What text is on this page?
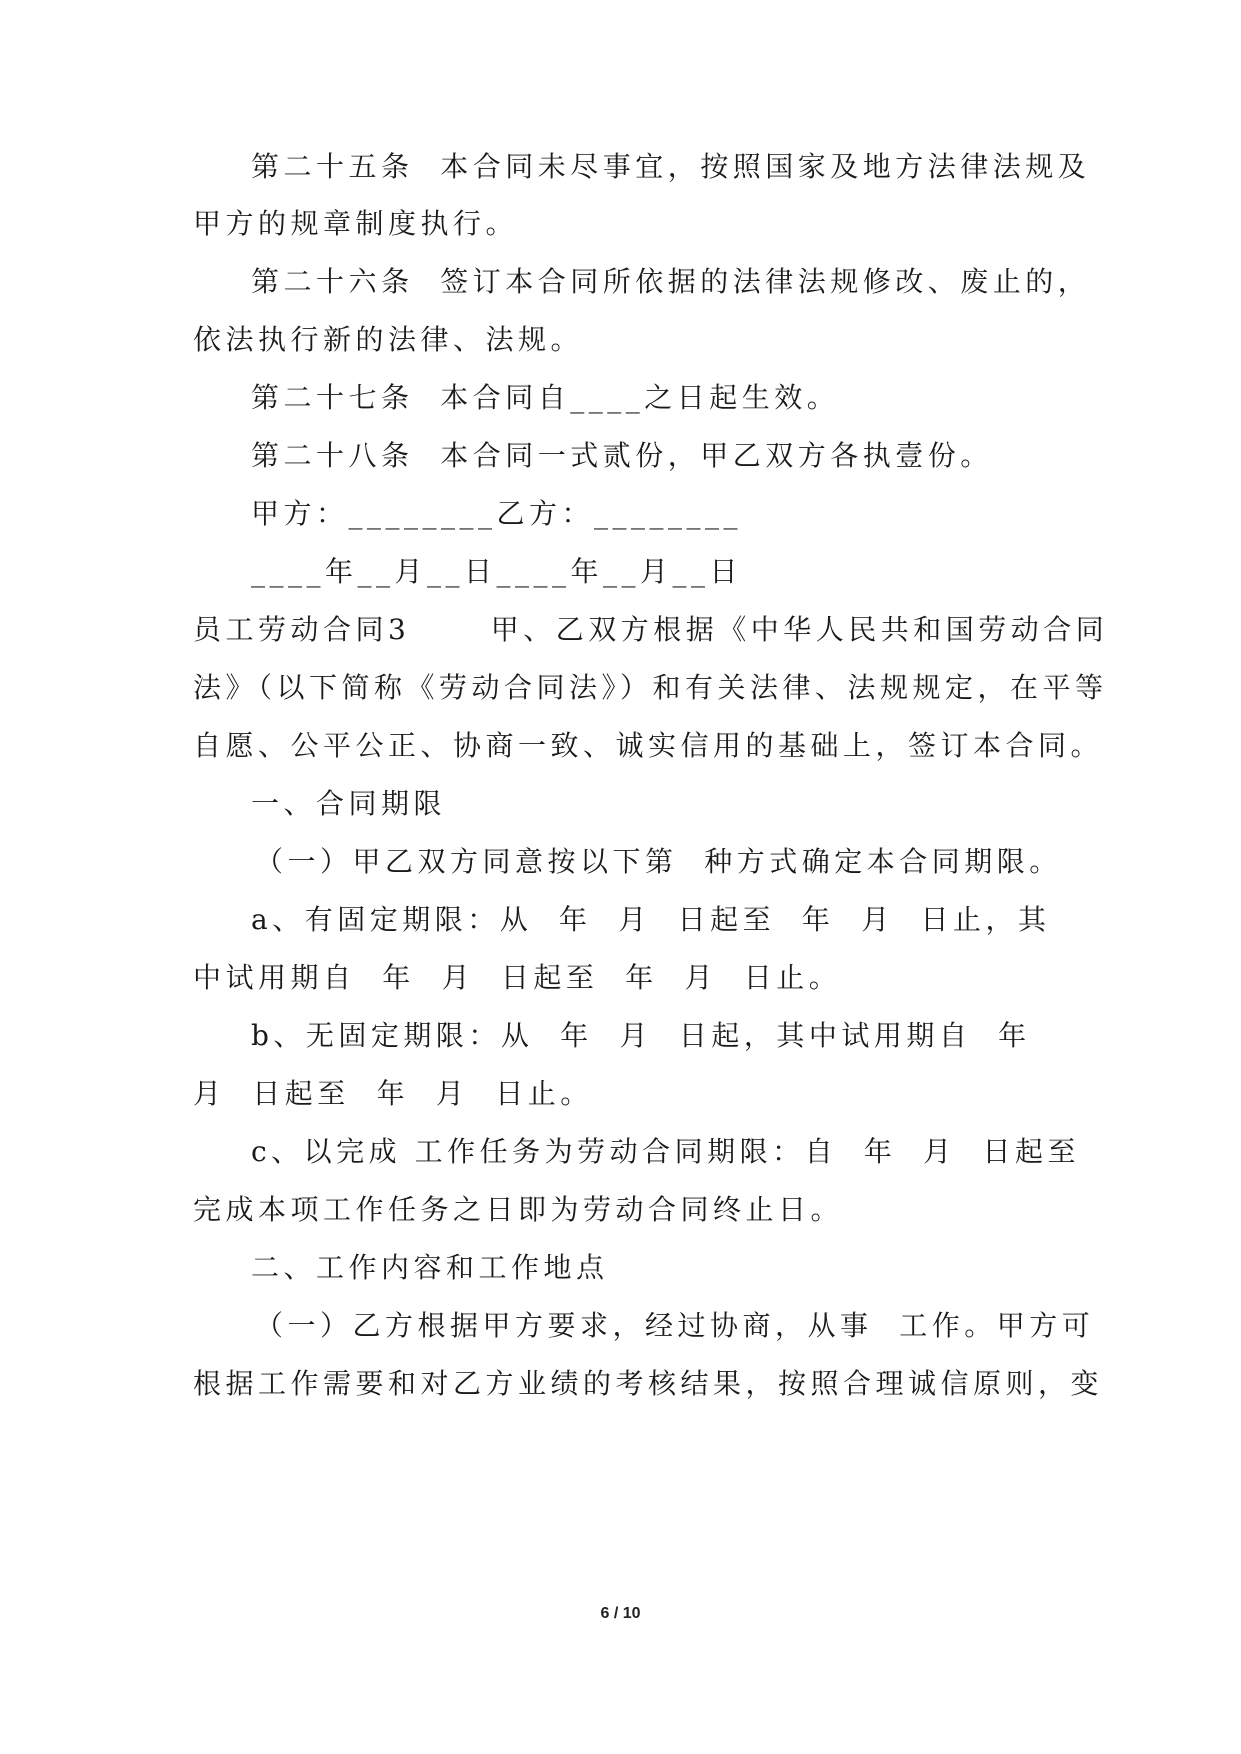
第二十五条  本合同未尽事宜，按照国家及地方法律法规及
甲方的规章制度执行。
第二十六条  签订本合同所依据的法律法规修改、废止的，
依法执行新的法律、法规。
第二十七条  本合同自____之日起生效。
第二十八条  本合同一式贰份，甲乙双方各执壹份。
甲方：________乙方：________
____年__月__日____年__月__日
员工劳动合同3      甲、乙双方根据《中华人民共和国劳动合同
法》（以下简称《劳动合同法》）和有关法律、法规规定，在平等
自愿、公平公正、协商一致、诚实信用的基础上，签订本合同。
一、合同期限
（一）甲乙双方同意按以下第  种方式确定本合同期限。
a、有固定期限：从  年  月  日起至  年  月  日止，其
中试用期自  年  月  日起至  年  月  日止。
b、无固定期限：从  年  月  日起，其中试用期自  年
月  日起至  年  月  日止。
c、以完成 工作任务为劳动合同期限：自  年  月  日起至
完成本项工作任务之日即为劳动合同终止日。
二、工作内容和工作地点
（一）乙方根据甲方要求，经过协商，从事  工作。甲方可
根据工作需要和对乙方业绩的考核结果，按照合理诚信原则，变
6 / 10
